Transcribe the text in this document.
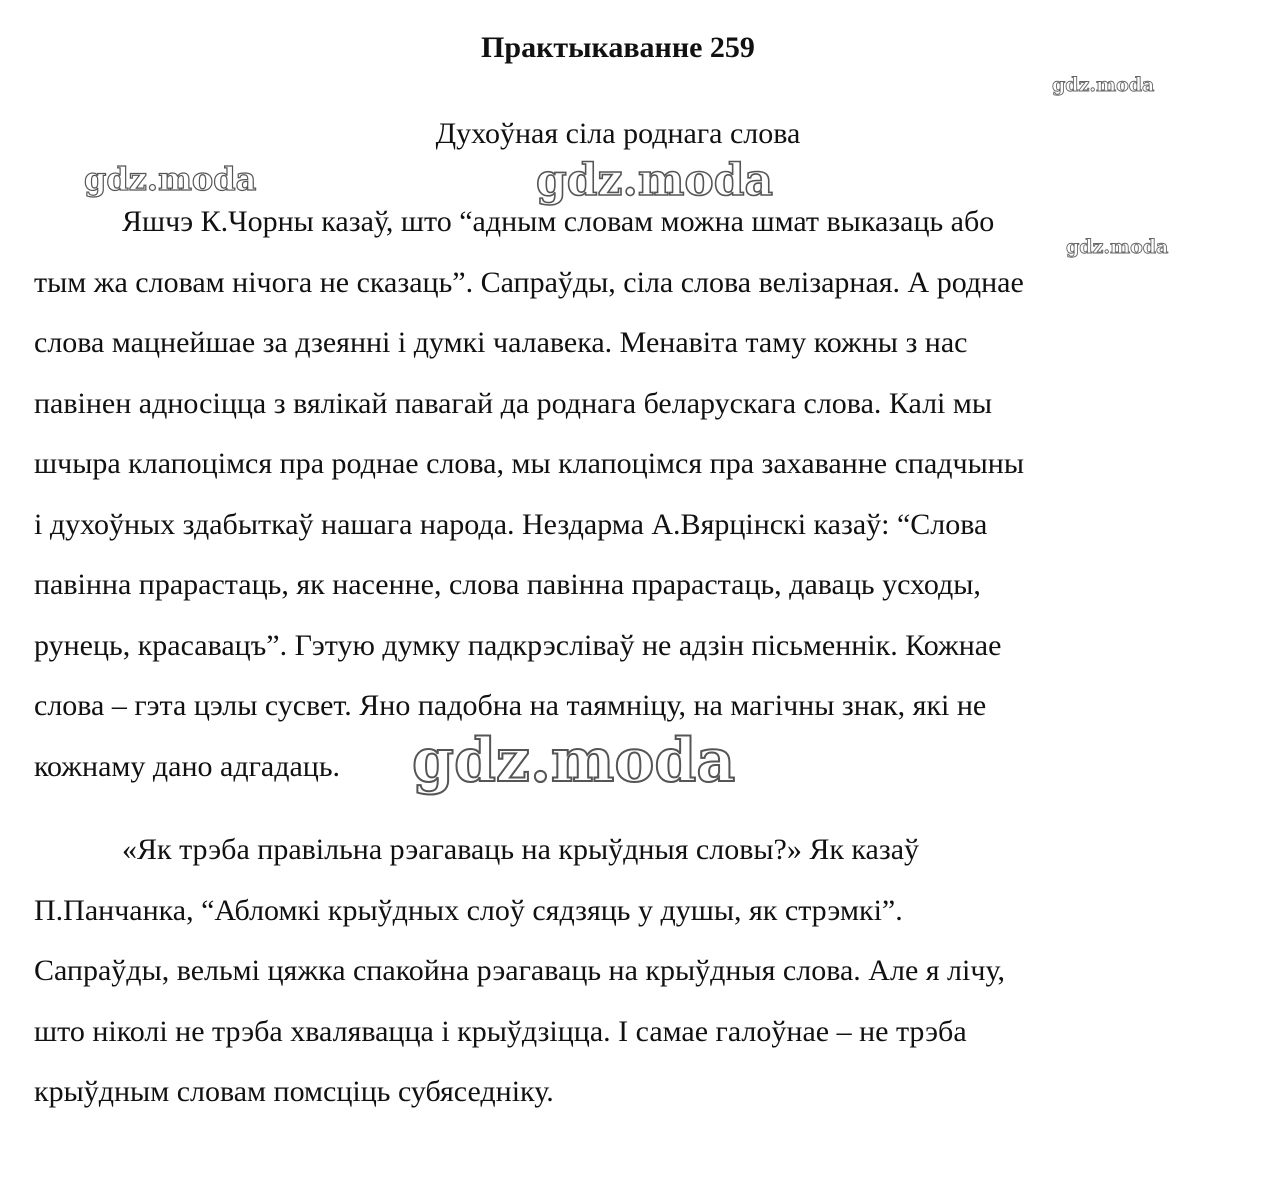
Практыкаванне 259
Духоўная сіла роднага слова
Яшчэ К.Чорны казаў, што “адным словам можна шмат выказаць або
тым жа словам нічога не сказаць”. Сапраўды, сіла слова велізарная. А роднае
слова мацнейшае за дзеянні і думкі чалавека. Менавіта таму кожны з нас
павінен адносіцца з вялікай павагай да роднага беларускага слова. Калі мы
шчыра клапоцімся пра роднае слова, мы клапоцімся пра захаванне спадчыны
і духоўных здабыткаў нашага народа. Нездарма А.Вярцінскі казаў: “Слова
павінна прарастаць, як насенне, слова павінна прарастаць, даваць усходы,
рунець, красавацъ”. Гэтую думку падкрэсліваў не адзін пісьменнік. Кожнае
слова – гэта цэлы сусвет. Яно падобна на таямніцу, на магічны знак, які не
кожнаму дано адгадаць.
«Як трэба правільна рэагаваць на крыўдныя словы?» Як казаў
П.Панчанка, “Абломкі крыўдных слоў сядзяць у душы, як стрэмкі”.
Сапраўды, вельмі цяжка спакойна рэагаваць на крыўдныя слова. Але я лічу,
што ніколі не трэба хваляваццa і крыўдзіцца. І самае галоўнае – не трэба
крыўдным словам помсціць субяседніку.
gdz.moda
gdz.moda	gdz.moda
gdz.moda
gdz.moda
